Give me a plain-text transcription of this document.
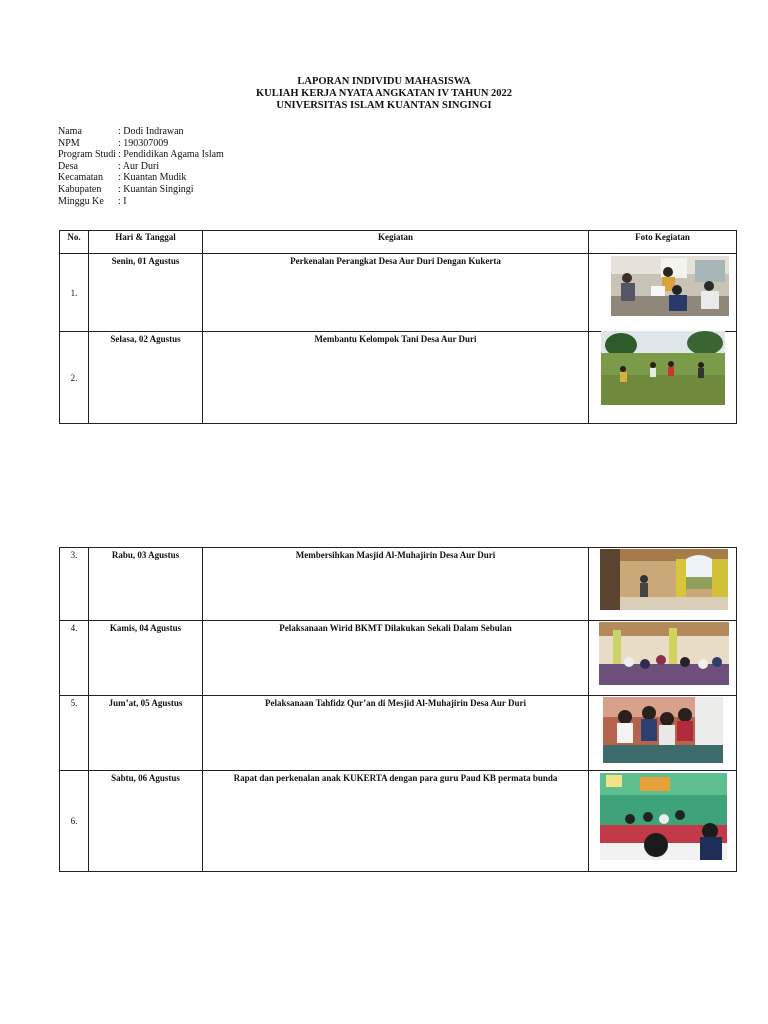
LAPORAN INDIVIDU MAHASISWA
KULIAH KERJA NYATA ANGKATAN IV TAHUN 2022
UNIVERSITAS ISLAM KUANTAN SINGINGI
Nama	: Dodi Indrawan
NPM	: 190307009
Program Studi : Pendidikan Agama Islam
Desa	: Aur Duri
Kecamatan	: Kuantan Mudik
Kabupaten	: Kuantan Singingi
Minggu Ke	: I
No.	Hari & Tanggal	Kegiatan	Foto Kegiatan
1.	Senin, 01 Agustus	Perkenalan Perangkat Desa Aur Duri Dengan Kukerta	

2.	Selasa, 02 Agustus	Membantu Kelompok Tani Desa Aur Duri	
3.	Rabu, 03 Agustus	Membersihkan Masjid Al-Muhajirin Desa Aur Duri	

4.	Kamis, 04 Agustus	Pelaksanaan Wirid BKMT Dilakukan Sekali Dalam Sebulan	

5.	Jum’at, 05 Agustus	Pelaksanaan Tahfidz Qur’an di Mesjid Al-Muhajirin Desa Aur Duri	

6.	Sabtu, 06 Agustus	Rapat dan perkenalan anak KUKERTA dengan para guru Paud KB permata bunda	
